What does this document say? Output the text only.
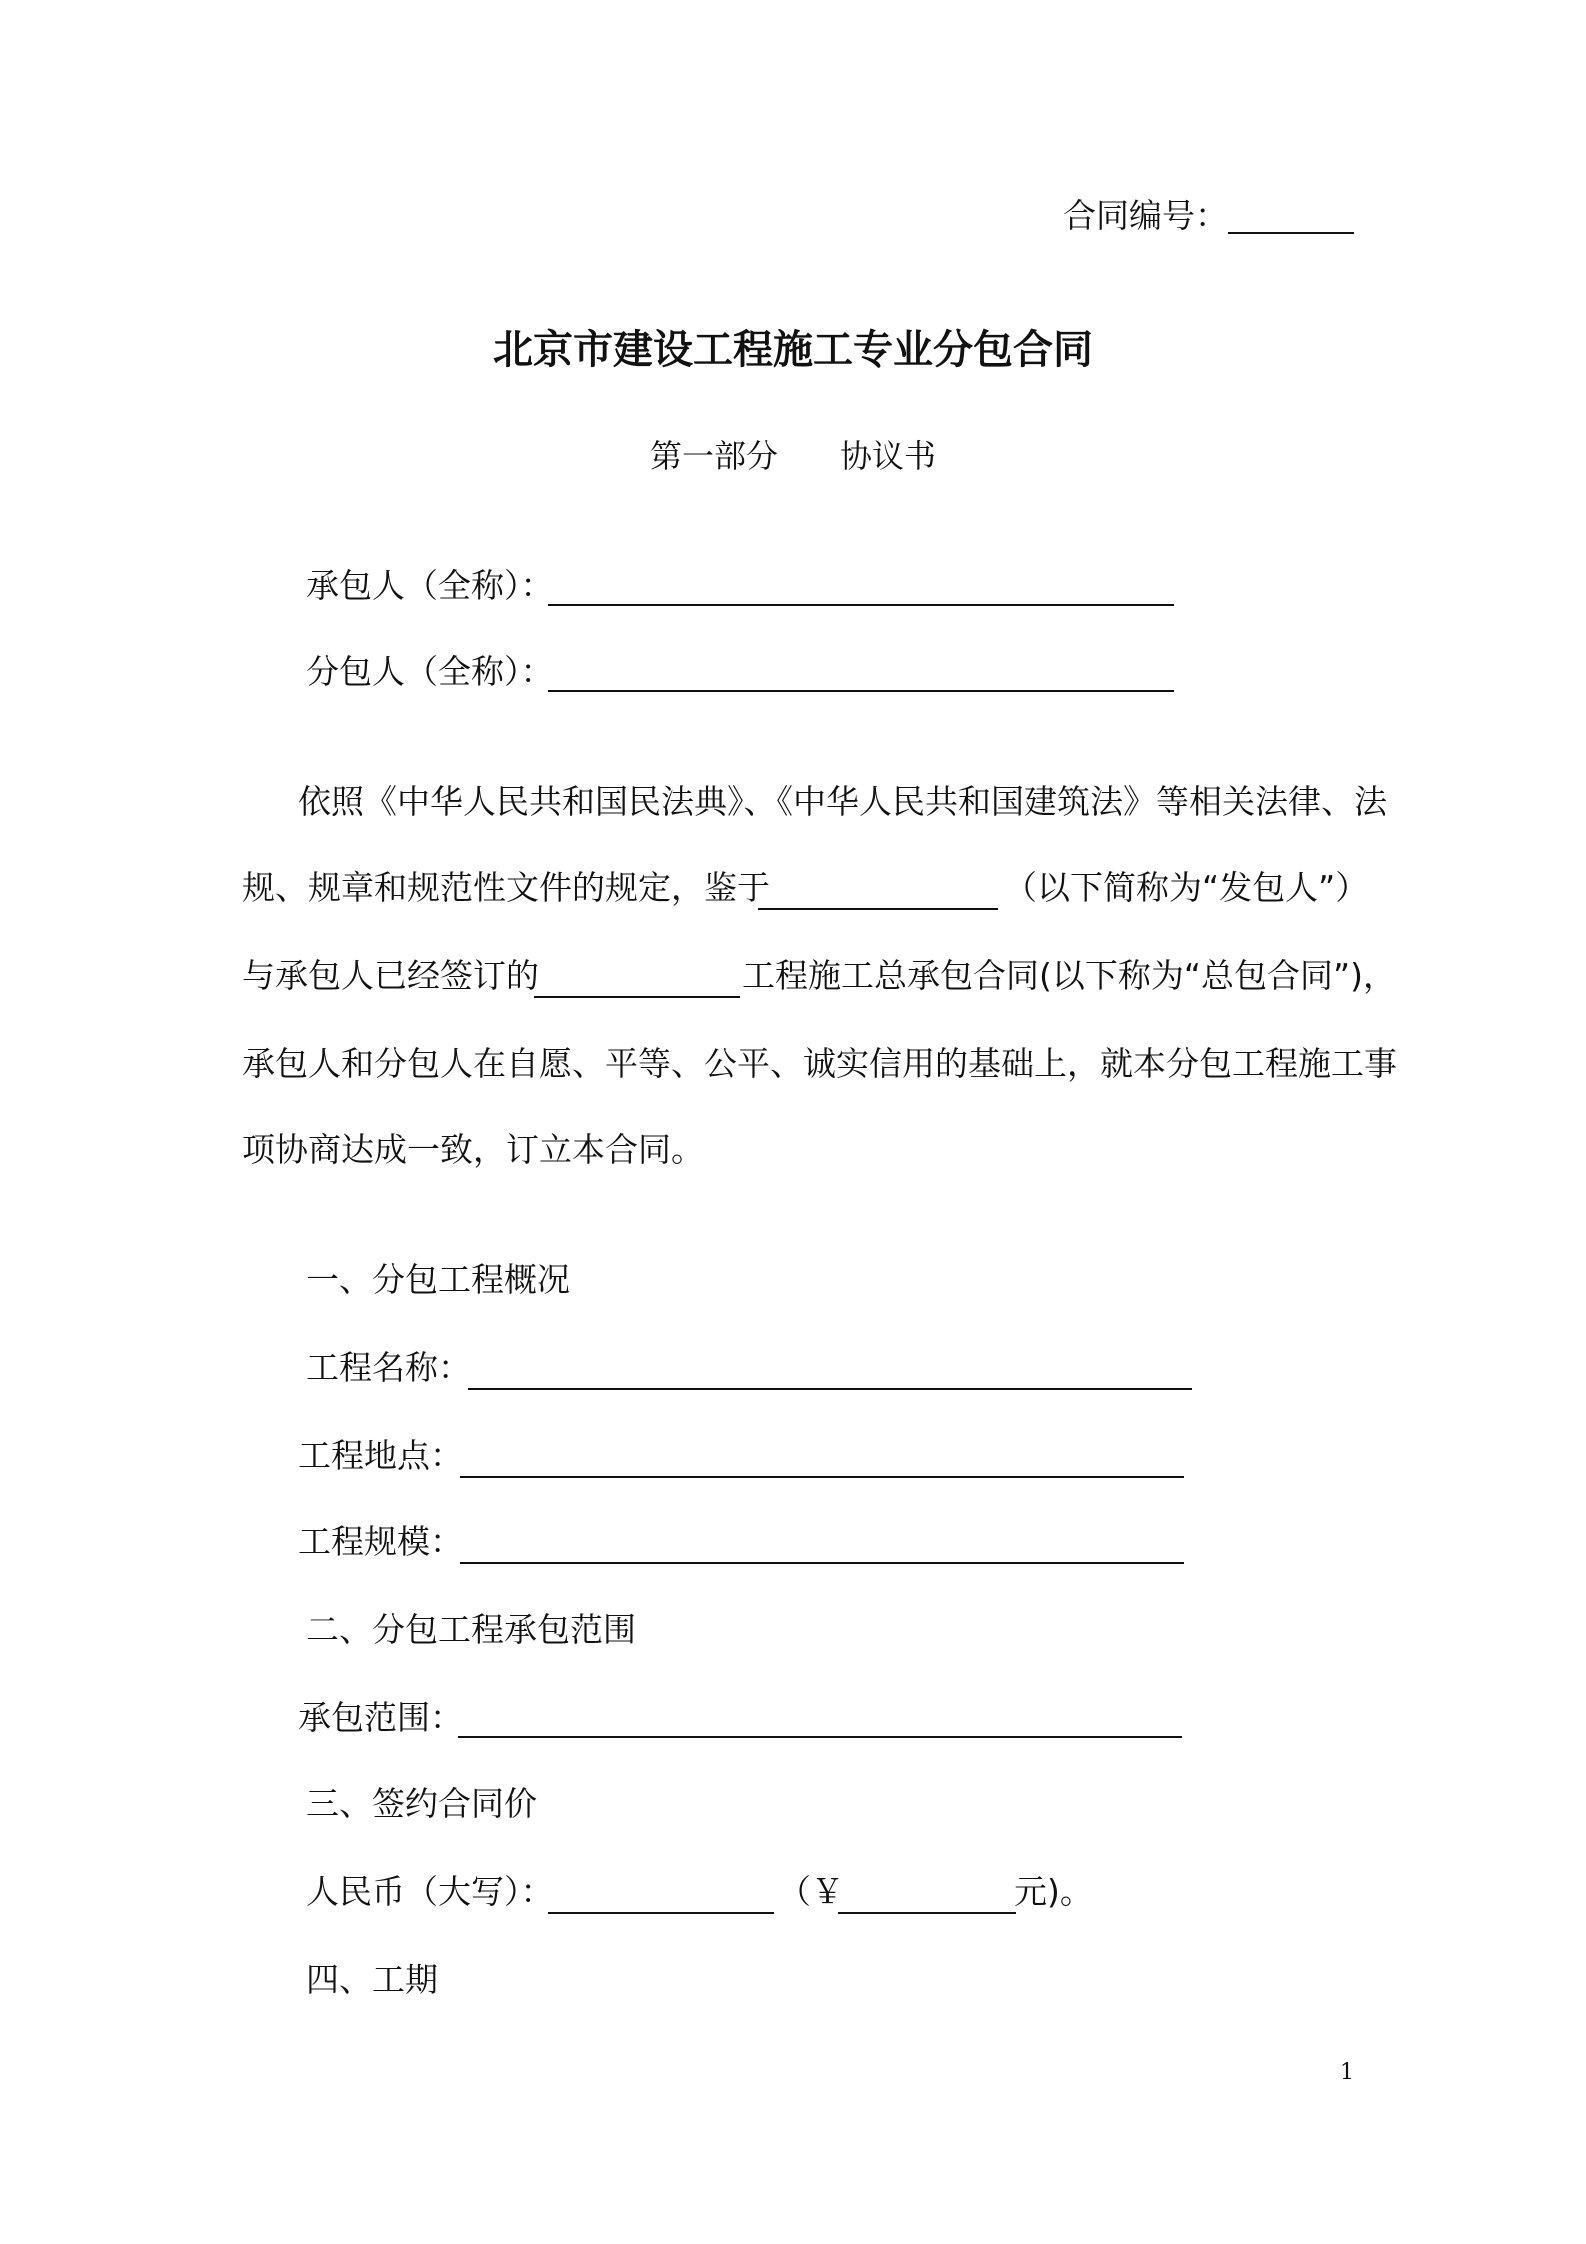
合同编号：
北京市建设工程施工专业分包合同
第一部分 协议书
承包人（全称）：
分包人（全称）：
依照《中华人民共和国民法典》、《中华人民共和国建筑法》等相关法律、法
规、规章和规范性文件的规定，鉴于	（以下简称为“发包人”）
与承包人已经签订的	工程施工总承包合同(以下称为“总包合同”)，
承包人和分包人在自愿、平等、公平、诚实信用的基础上，就本分包工程施工事
项协商达成一致，订立本合同。
一、分包工程概况
工程名称：
工程地点：
工程规模：
二、分包工程承包范围
承包范围：
三、签约合同价
人民币（大写）：	（￥	元)。
四、工期
1
